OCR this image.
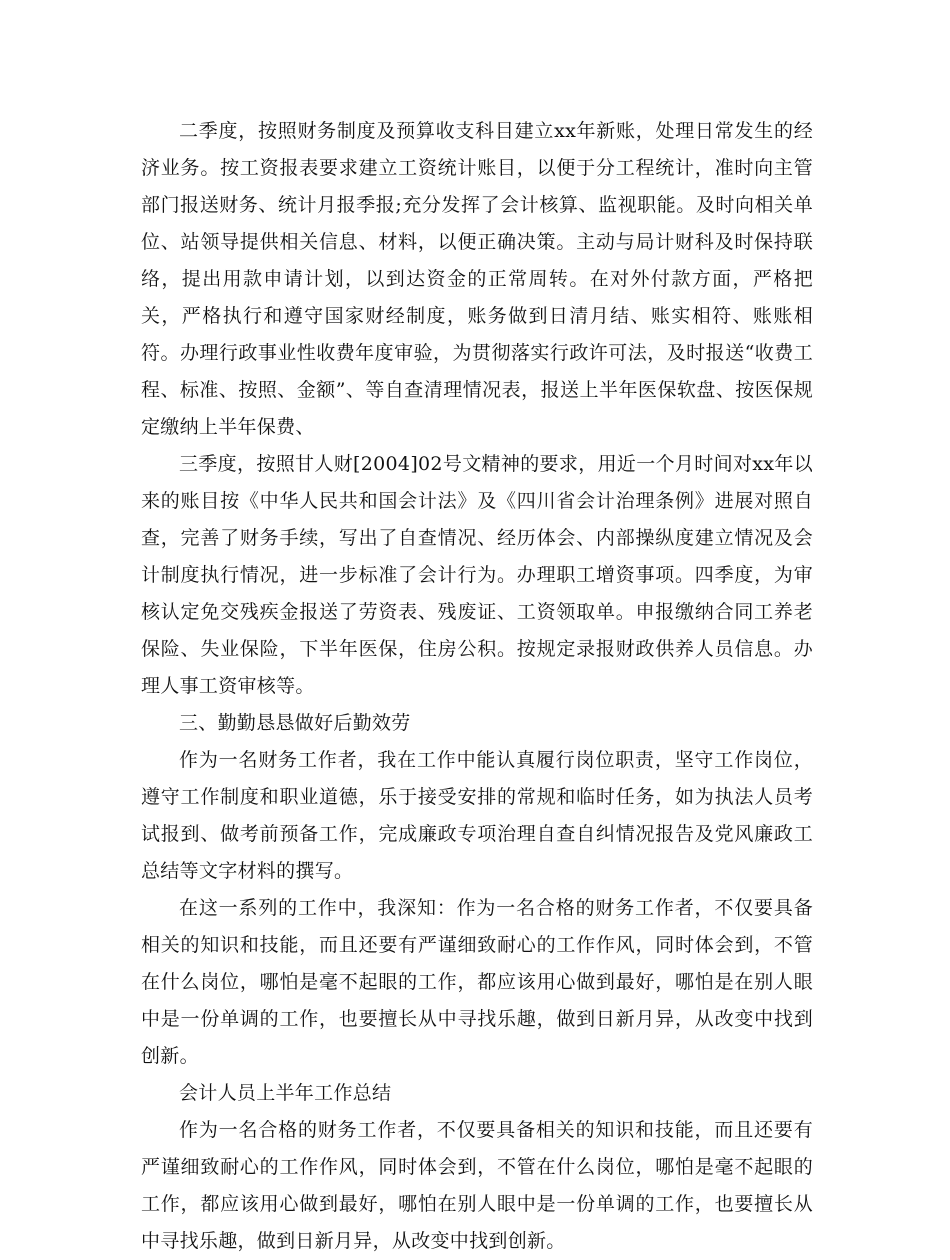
二季度，按照财务制度及预算收支科目建立xx年新账，处理日常发生的经济业务。按工资报表要求建立工资统计账目，以便于分工程统计，准时向主管部门报送财务、统计月报季报;充分发挥了会计核算、监视职能。及时向相关单位、站领导提供相关信息、材料，以便正确决策。主动与局计财科及时保持联络，提出用款申请计划，以到达资金的正常周转。在对外付款方面，严格把关，严格执行和遵守国家财经制度，账务做到日清月结、账实相符、账账相符。办理行政事业性收费年度审验，为贯彻落实行政许可法，及时报送“收费工程、标准、按照、金额”、等自查清理情况表，报送上半年医保软盘、按医保规定缴纳上半年保费、

三季度，按照甘人财[2004]02号文精神的要求，用近一个月时间对xx年以来的账目按《中华人民共和国会计法》及《四川省会计治理条例》进展对照自查，完善了财务手续，写出了自查情况、经历体会、内部操纵度建立情况及会计制度执行情况，进一步标准了会计行为。办理职工增资事项。四季度，为审核认定免交残疾金报送了劳资表、残废证、工资领取单。申报缴纳合同工养老保险、失业保险，下半年医保，住房公积。按规定录报财政供养人员信息。办理人事工资审核等。

三、勤勤恳恳做好后勤效劳

作为一名财务工作者，我在工作中能认真履行岗位职责，坚守工作岗位，遵守工作制度和职业道德，乐于接受安排的常规和临时任务，如为执法人员考试报到、做考前预备工作，完成廉政专项治理自查自纠情况报告及党风廉政工总结等文字材料的撰写。

在这一系列的工作中，我深知：作为一名合格的财务工作者，不仅要具备相关的知识和技能，而且还要有严谨细致耐心的工作作风，同时体会到，不管在什么岗位，哪怕是毫不起眼的工作，都应该用心做到最好，哪怕是在别人眼中是一份单调的工作，也要擅长从中寻找乐趣，做到日新月异，从改变中找到创新。

会计人员上半年工作总结

作为一名合格的财务工作者，不仅要具备相关的知识和技能，而且还要有严谨细致耐心的工作作风，同时体会到，不管在什么岗位，哪怕是毫不起眼的工作，都应该用心做到最好，哪怕在别人眼中是一份单调的工作，也要擅长从中寻找乐趣，做到日新月异，从改变中找到创新。
